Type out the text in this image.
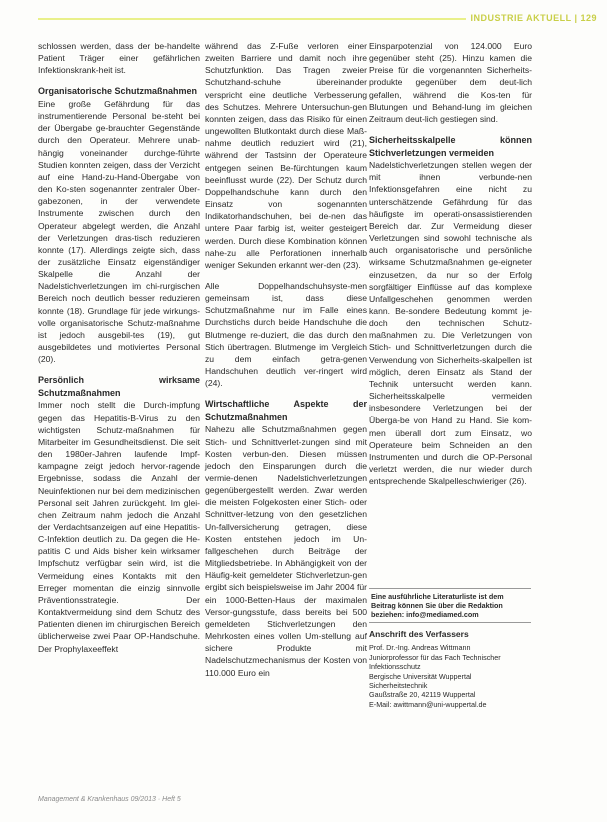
INDUSTRIE AKTUELL | 129

schlossen werden, dass der be-handelte Patient Träger einer gefährlichen Infektionskrank-heit ist.

Organisatorische Schutzmaßnahmen

Eine große Gefährdung für das instrumentierende Personal be-steht bei der Übergabe ge-brauchter Gegenstände durch den Operateur. Mehrere unab-hängig voneinander durchge-führte Studien konnten zeigen, dass der Verzicht auf eine Hand-zu-Hand-Übergabe von den Ko-sten sogenannter zentraler Über-gabezonen, in der verwendete Instrumente zwischen durch den Operateur abgelegt werden, die Anzahl der Verletzungen dras-tisch reduzieren konnte (17). Allerdings zeigte sich, dass der zusätzliche Einsatz eigenständiger Skalpelle die Anzahl der Nadelstichverletzungen im chi-rurgischen Bereich noch deutlich besser reduzieren konnte (18). Grundlage für jede wirkungs-volle organisatorische Schutz-maßnahme ist jedoch ausgebil-tes (19), gut ausgebildetes und motiviertes Personal (20).

Persönlich wirksame Schutzmaßnahmen

Immer noch stellt die Durch-impfung gegen das Hepatitis-B-Virus zu den wichtigsten Schutz-maßnahmen für Mitarbeiter im Gesundheitsdienst. Die seit den 1980er-Jahren laufende Impf-kampagne zeigt jedoch hervor-ragende Ergebnisse, sodass die Anzahl der Neuinfektionen nur bei dem medizinischen Personal seit Jahren zurückgeht. Im glei-chen Zeitraum nahm jedoch die Anzahl der Verdachtsanzeigen auf eine Hepatitis-C-Infektion deutlich zu. Da gegen die He-patitis C und Aids bisher kein wirksamer Impfschutz verfügbar sein wird, ist die Vermeidung eines Kontakts mit den Erreger momentan die einzig sinnvolle Präventionsstrategie. Der Kontaktvermeidung sind dem Schutz des Patienten dienen im chirurgischen Bereich üblicherweise zwei Paar OP-Handschuhe. Der Prophylaxeeffekt

während das Z-Fuße verloren einer zweiten Barriere und damit noch ihre Schutzfunktion. Das Tragen zweier Schutzhand-schuhe übereinander verspricht eine deutliche Verbesserung des Schutzes. Mehrere Untersuchun-gen konnten zeigen, dass das Risiko für einen ungewollten Blutkontakt durch diese Maß-nahme deutlich reduziert wird (21), während der Tastsinn der Operateure entgegen seinen Be-fürchtungen kaum beeinflusst wurde (22). Der Schutz durch Doppelhandschuhe kann durch den Einsatz von sogenannten Indikatorhandschuhen, bei de-nen das untere Paar farbig ist, weiter gesteigert werden. Durch diese Kombination können nahe-zu alle Perforationen innerhalb weniger Sekunden erkannt wer-den (23).

Alle Doppelhandschuhsyste-men gemeinsam ist, dass diese Schutzmaßnahme nur im Falle eines Durchstichs durch beide Handschuhe die Blutmenge re-duziert, die das durch den Stich übertragen. Blutmenge im Vergleich zu dem einfach getra-genen Handschuhen deutlich ver-ringert wird (24).

Wirtschaftliche Aspekte der Schutzmaßnahmen

Nahezu alle Schutzmaßnahmen gegen Stich- und Schnittverlet-zungen sind mit Kosten verbun-den. Diesen müssen jedoch den Einsparungen durch die vermie-denen Nadelstichverletzungen gegenübergestellt werden. Zwar werden die meisten Folgekosten einer Stich- oder Schnittver-letzung von den gesetzlichen Un-fallversicherung getragen, diese Kosten entstehen jedoch im Un-fallgeschehen durch Beiträge der Mitgliedsbetriebe. In Abhängigkeit von der Häufig-keit gemeldeter Stichverletzun-gen ergibt sich beispielsweise im Jahr 2004 für ein 1000-Betten-Haus der maximalen Versor-gungsstufe, dass bereits bei 500 gemeldeten Stichverletzungen den Mehrkosten eines vollen Um-stellung auf sichere Produkte mit Nadelschutzmechanismus der Kosten von 110.000 Euro ein

Einsparpotenzial von 124.000 Euro gegenüber steht (25). Hinzu kamen die Preise für die vorgenannten Sicherheits-produkte gegenüber dem deut-lich gefallen, während die Kos-ten für Blutungen und Behand-lung im gleichen Zeitraum deut-lich gestiegen sind.

Sicherheitsskalpelle können Stichverletzungen vermeiden

Nadelstichverletzungen stellen wegen der mit ihnen verbunde-nen Infektionsgefahren eine nicht zu unterschätzende Gefährdung für das häufigste im operati-onsassistierenden Bereich dar. Zur Vermeidung dieser Verletzungen sind sowohl technische als auch organisatorische und persönliche wirksame Schutzmaßnahmen ge-eigneter einzusetzen, da nur so der Erfolg sorgfältiger Einflüsse auf das komplexe Unfallgeschehen genommen werden kann. Be-sondere Bedeutung kommt je-doch den technischen Schutz-maßnahmen zu. Die Verletzungen von Stich- und Schnittverletzungen durch die Verwendung von Sicherheits-skalpellen ist möglich, deren Einsatz als Stand der Technik untersucht werden kann. Sicherheitsskalpelle vermeiden insbesondere Verletzungen bei der Überga-be von Hand zu Hand. Sie kom-men überall dort zum Einsatz, wo Operateure beim Schneiden an den Instrumenten und durch die OP-Personal verletzt werden, die nur wieder durch entsprechende Skalpelleschwieriger (26).

Eine ausführliche Literaturliste ist dem Beitrag können Sie über die Redaktion beziehen: info@mediamed.com
Anschrift des Verfassers
Prof. Dr.-Ing. Andreas Wittmann
Juniorprofessor für das Fach Technischer
Infektionsschutz
Bergische Universität Wuppertal
Sicherheitstechnik
Gaußstraße 20, 42119 Wuppertal
E-Mail: awittmann@uni-wuppertal.de
Management & Krankenhaus 09/2013 · Heft 5
